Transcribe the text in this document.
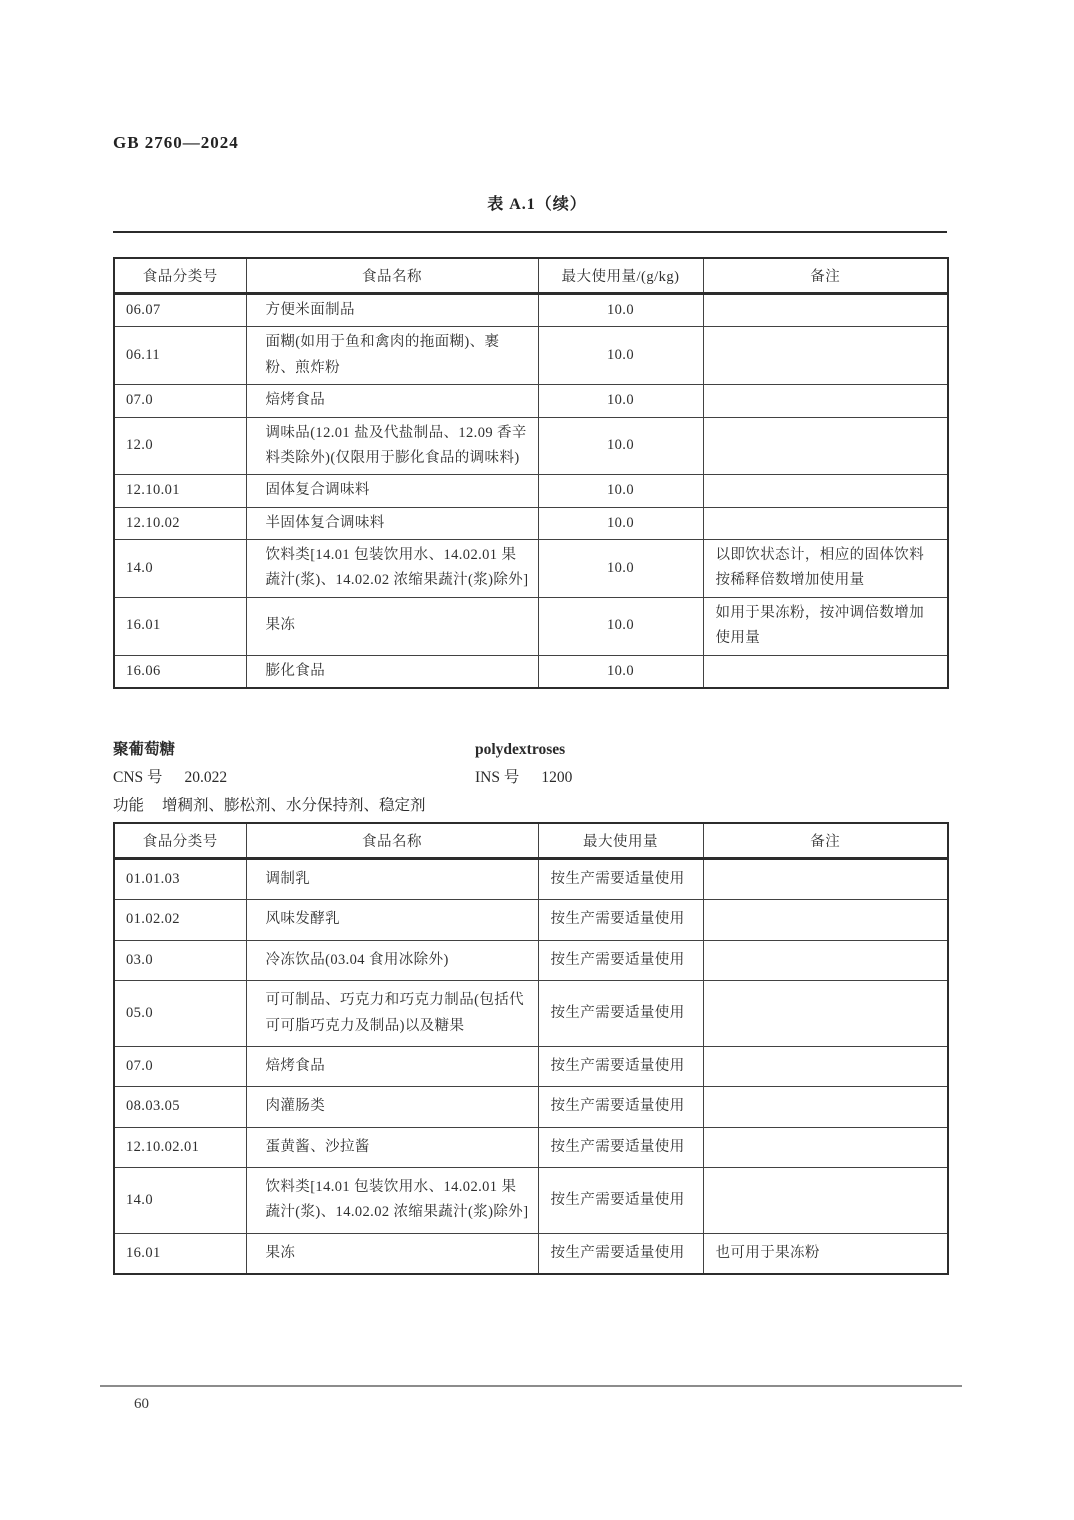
GB 2760—2024
表 A.1（续）
食品分类号	食品名称	最大使用量/(g/kg)	备注
06.07	方便米面制品	10.0	
06.11	面糊(如用于鱼和禽肉的拖面糊)、裹粉、煎炸粉	10.0	
07.0	焙烤食品	10.0	
12.0	调味品(12.01 盐及代盐制品、12.09 香辛料类除外)(仅限用于膨化食品的调味料)	10.0	
12.10.01	固体复合调味料	10.0	
12.10.02	半固体复合调味料	10.0	
14.0	饮料类[14.01 包装饮用水、14.02.01 果蔬汁(浆)、14.02.02 浓缩果蔬汁(浆)除外]	10.0	以即饮状态计，相应的固体饮料按稀释倍数增加使用量
16.01	果冻	10.0	如用于果冻粉，按冲调倍数增加使用量
16.06	膨化食品	10.0	
聚葡萄糖	polydextroses
CNS 号 20.022	INS 号 1200
功能 增稠剂、膨松剂、水分保持剂、稳定剂
食品分类号	食品名称	最大使用量	备注
01.01.03	调制乳	按生产需要适量使用	
01.02.02	风味发酵乳	按生产需要适量使用	
03.0	冷冻饮品(03.04 食用冰除外)	按生产需要适量使用	
05.0	可可制品、巧克力和巧克力制品(包括代可可脂巧克力及制品)以及糖果	按生产需要适量使用	
07.0	焙烤食品	按生产需要适量使用	
08.03.05	肉灌肠类	按生产需要适量使用	
12.10.02.01	蛋黄酱、沙拉酱	按生产需要适量使用	
14.0	饮料类[14.01 包装饮用水、14.02.01 果蔬汁(浆)、14.02.02 浓缩果蔬汁(浆)除外]	按生产需要适量使用	
16.01	果冻	按生产需要适量使用	也可用于果冻粉
60
